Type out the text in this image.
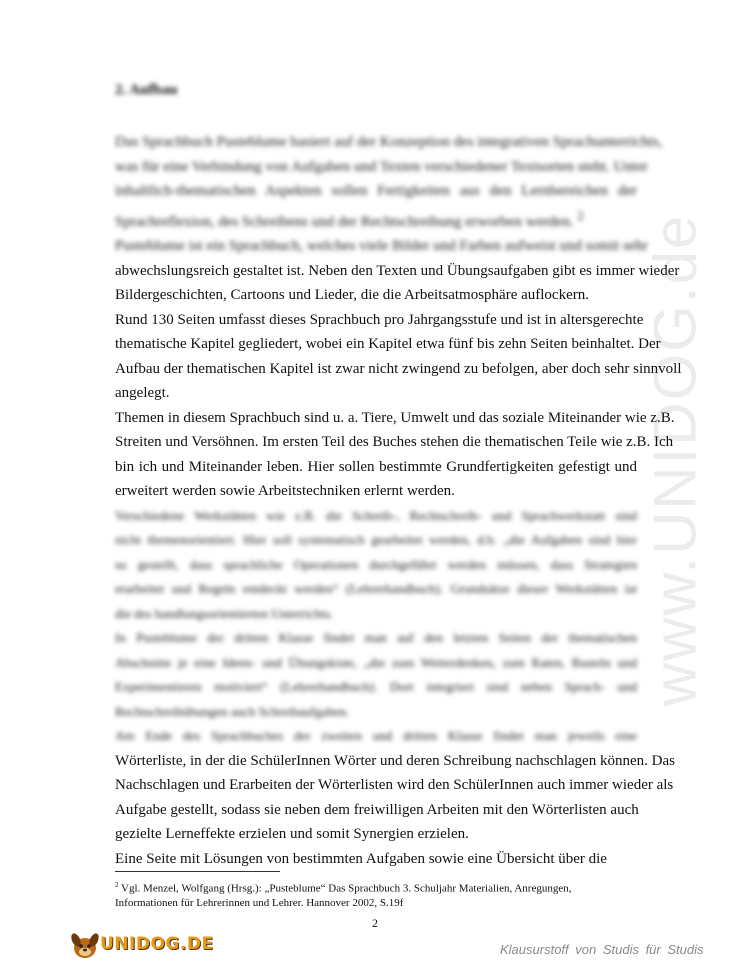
www.UNIDOG.de
2. Aufbau

Das Sprachbuch Pusteblume basiert auf der Konzeption des integrativen Sprachunterrichts,
was für eine Verbindung von Aufgaben und Texten verschiedener Textsorten steht. Unter
inhaltlich-thematischen Aspekten sollen Fertigkeiten aus den Lernbereichen der
Sprachreflexion, des Schreibens und der Rechtschreibung erworben werden. $^2$
Pusteblume ist ein Sprachbuch, welches viele Bilder und Farben aufweist und somit sehr

abwechslungsreich gestaltet ist. Neben den Texten und Übungsaufgaben gibt es immer wieder
Bildergeschichten, Cartoons und Lieder, die die Arbeitsatmosphäre auflockern.

Rund 130 Seiten umfasst dieses Sprachbuch pro Jahrgangsstufe und ist in altersgerechte
thematische Kapitel gegliedert, wobei ein Kapitel etwa fünf bis zehn Seiten beinhaltet. Der
Aufbau der thematischen Kapitel ist zwar nicht zwingend zu befolgen, aber doch sehr sinnvoll
angelegt.

Themen in diesem Sprachbuch sind u. a. Tiere, Umwelt und das soziale Miteinander wie z.B.
Streiten und Versöhnen. Im ersten Teil des Buches stehen die thematischen Teile wie z.B. Ich
bin ich und Miteinander leben. Hier sollen bestimmte Grundfertigkeiten gefestigt und
erweitert werden sowie Arbeitstechniken erlernt werden.

Verschiedene Werkstätten wie z.B. die Schreib-, Rechtschreib- und Sprachwerkstatt sind
nicht themenorientiert. Hier soll systematisch gearbeitet werden, d.h. „die Aufgaben sind hier
so gestellt, dass sprachliche Operationen durchgeführt werden müssen, dass Strategien
erarbeitet und Regeln entdeckt werden“ (Lehrerhandbuch). Grundsätze dieser Werkstätten ist
die des handlungsorientierten Unterrichts.

In Pusteblume der dritten Klasse findet man auf den letzten Seiten der thematischen
Abschnitte je eine Ideen- und Übungskiste, „die zum Weiterdenken, zum Raten, Basteln und
Experimentieren motiviert“ (Lehrerhandbuch). Dort integriert sind neben Sprach- und
Rechtschreibübungen auch Schreibaufgaben.
Am Ende des Sprachbuches der zweiten und dritten Klasse findet man jeweils eine

Wörterliste, in der die SchülerInnen Wörter und deren Schreibung nachschlagen können. Das
Nachschlagen und Erarbeiten der Wörterlisten wird den SchülerInnen auch immer wieder als
Aufgabe gestellt, sodass sie neben dem freiwilligen Arbeiten mit den Wörterlisten auch
gezielte Lerneffekte erzielen und somit Synergien erzielen.

Eine Seite mit Lösungen von bestimmten Aufgaben sowie eine Übersicht über die

$^2$ Vgl. Menzel, Wolfgang (Hrsg.): „Pusteblume“ Das Sprachbuch 3. Schuljahr Materialien, Anregungen,
Informationen für Lehrerinnen und Lehrer. Hannover 2002, S.19f
2
UNIDOG.DE	Klausurstoff von Studis für Studis
